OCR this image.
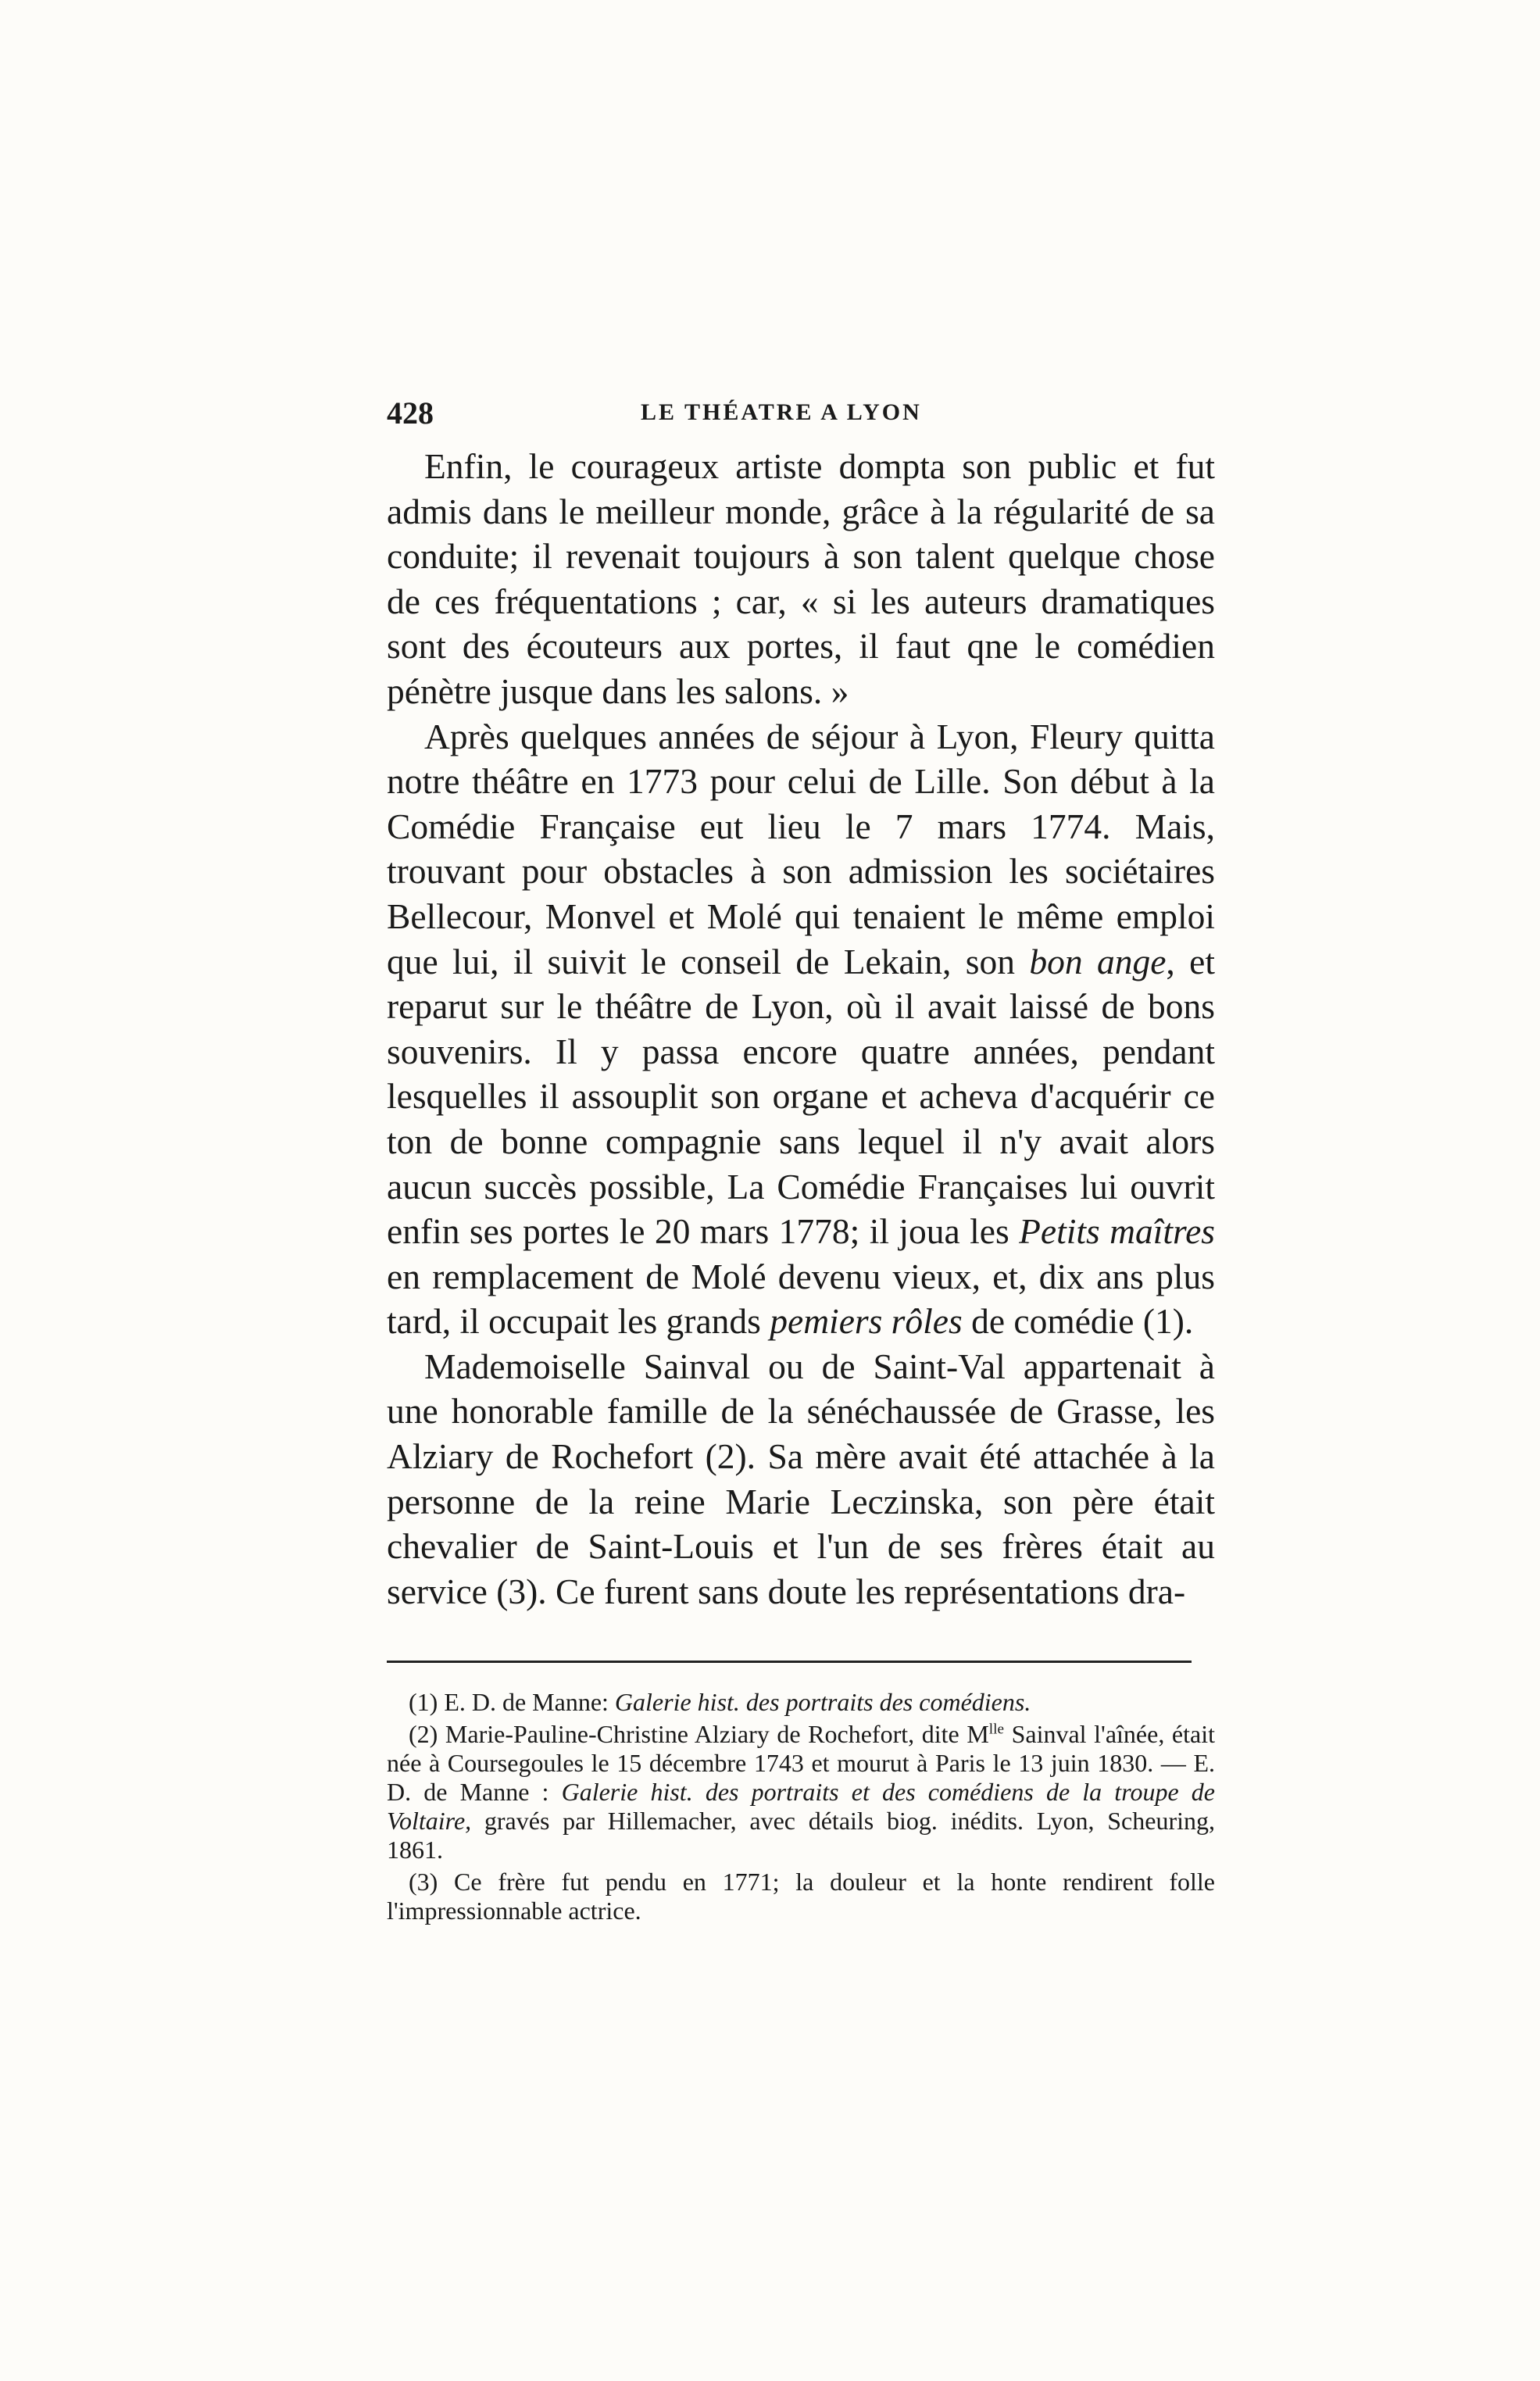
428	LE THÉATRE A LYON

Enfin, le courageux artiste dompta son public et fut admis dans le meilleur monde, grâce à la régularité de sa conduite; il revenait toujours à son talent quelque chose de ces fréquentations ; car, « si les auteurs dramatiques sont des écouteurs aux portes, il faut qne le comédien pénètre jusque dans les salons. »

Après quelques années de séjour à Lyon, Fleury quitta notre théâtre en 1773 pour celui de Lille. Son début à la Comédie Française eut lieu le 7 mars 1774. Mais, trouvant pour obstacles à son admission les sociétaires Bellecour, Monvel et Molé qui tenaient le même emploi que lui, il suivit le conseil de Lekain, son bon ange, et reparut sur le théâtre de Lyon, où il avait laissé de bons souvenirs. Il y passa encore quatre années, pendant lesquelles il assouplit son organe et acheva d'acquérir ce ton de bonne compagnie sans lequel il n'y avait alors aucun succès possible, La Comédie Françaises lui ouvrit enfin ses portes le 20 mars 1778; il joua les Petits maîtres en remplacement de Molé devenu vieux, et, dix ans plus tard, il occupait les grands pemiers rôles de comédie (1).

Mademoiselle Sainval ou de Saint-Val appartenait à une honorable famille de la sénéchaussée de Grasse, les Alziary de Rochefort (2). Sa mère avait été attachée à la personne de la reine Marie Leczinska, son père était chevalier de Saint-Louis et l'un de ses frères était au service (3). Ce furent sans doute les représentations dra-

(1) E. D. de Manne: Galerie hist. des portraits des comédiens.

(2) Marie-Pauline-Christine Alziary de Rochefort, dite $M^{lle}$ Sainval l'aînée, était née à Coursegoules le 15 décembre 1743 et mourut à Paris le 13 juin 1830. — E. D. de Manne : Galerie hist. des portraits et des comédiens de la troupe de Voltaire, gravés par Hillemacher, avec détails biog. inédits. Lyon, Scheuring, 1861.

(3) Ce frère fut pendu en 1771; la douleur et la honte rendirent folle l'impressionnable actrice.
